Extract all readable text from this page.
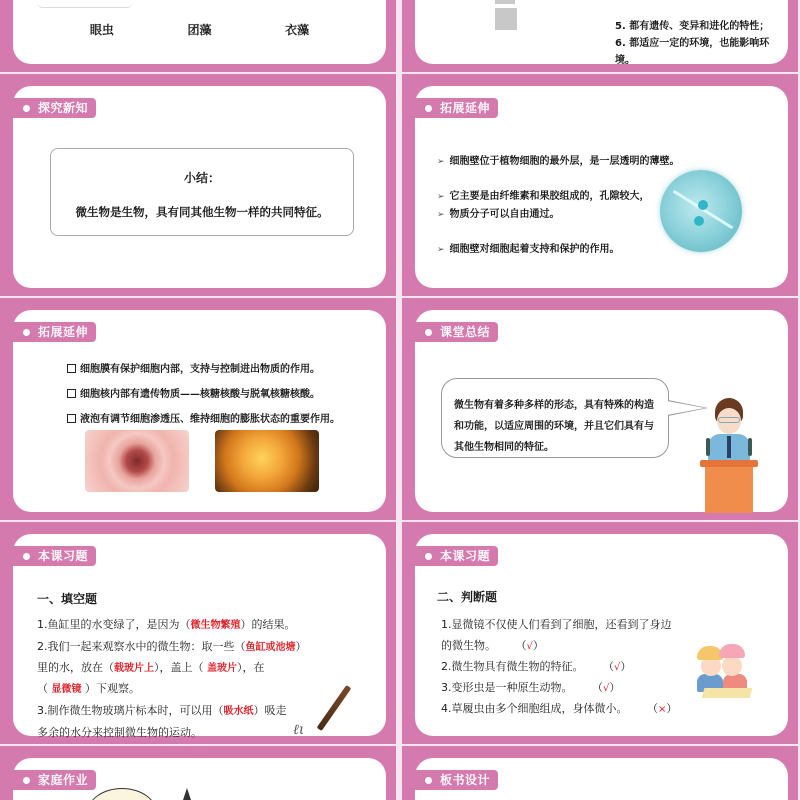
眼虫	团藻	衣藻	5. 都有遗传、变异和进化的特性；
6. 都适应一定的环境，也能影响环境。
探究新知
小结：
微生物是生物，具有同其他生物一样的共同特征。
拓展延伸
➢ 细胞壁位于植物细胞的最外层，是一层透明的薄壁。
➢ 它主要是由纤维素和果胶组成的，孔隙较大，
➢ 物质分子可以自由通过。
➢ 细胞壁对细胞起着支持和保护的作用。
拓展延伸
细胞膜有保护细胞内部，支持与控制进出物质的作用。
细胞核内部有遗传物质——核糖核酸与脱氧核糖核酸。
液泡有调节细胞渗透压、维持细胞的膨胀状态的重要作用。
课堂总结
微生物有着多种多样的形态，具有特殊的构造和功能，以适应周围的环境，并且它们具有与其他生物相同的特征。
本课习题
一、填空题
1.鱼缸里的水变绿了，是因为（微生物繁殖）的结果。
2.我们一起来观察水中的微生物：取一些（鱼缸或池塘）
里的水，放在（载玻片上），盖上（ 盖玻片），在
（ 显微镜 ）下观察。
3.制作微生物玻璃片标本时，可以用（吸水纸）吸走
多余的水分来控制微生物的运动。	ℓι
本课习题
二、判断题
1.显微镜不仅使人们看到了细胞，还看到了身边
的微生物。 （√）
2.微生物具有微生物的特征。 （√）
3.变形虫是一种原生动物。 （√）
4.草履虫由多个细胞组成，身体微小。 （×）
家庭作业	板书设计
